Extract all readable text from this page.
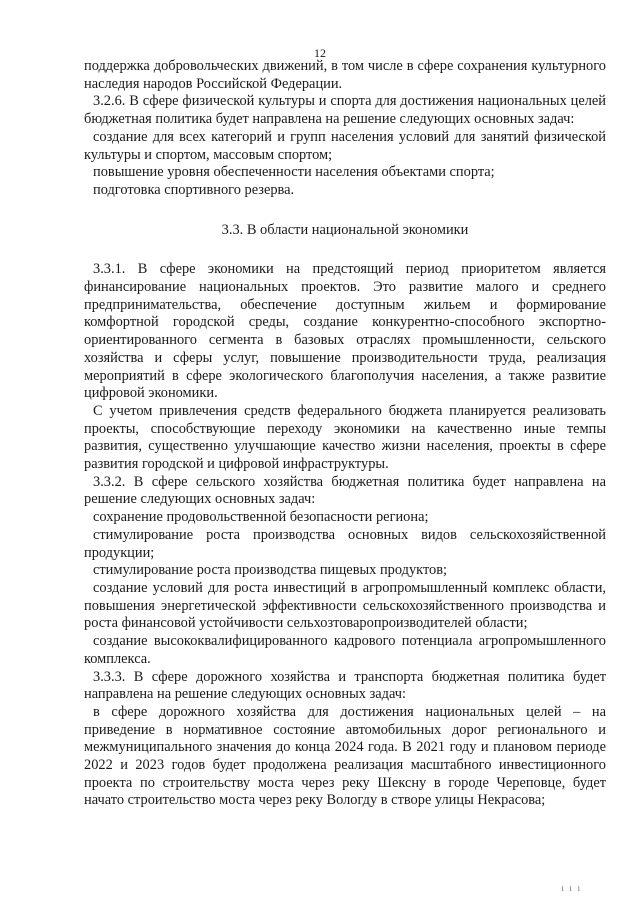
12

поддержка добровольческих движений, в том числе в сфере сохранения культурного наследия народов Российской Федерации.

3.2.6. В сфере физической культуры и спорта для достижения национальных целей бюджетная политика будет направлена на решение следующих основных задач:

создание для всех категорий и групп населения условий для занятий физической культуры и спортом, массовым спортом;

повышение уровня обеспеченности населения объектами спорта;

подготовка спортивного резерва.

3.3. В области национальной экономики

3.3.1. В сфере экономики на предстоящий период приоритетом является финансирование национальных проектов. Это развитие малого и среднего предпринимательства, обеспечение доступным жильем и формирование комфортной городской среды, создание конкурентно-способного экспортно-ориентированного сегмента в базовых отраслях промышленности, сельского хозяйства и сферы услуг, повышение производительности труда, реализация мероприятий в сфере экологического благополучия населения, а также развитие цифровой экономики.

С учетом привлечения средств федерального бюджета планируется реализовать проекты, способствующие переходу экономики на качественно иные темпы развития, существенно улучшающие качество жизни населения, проекты в сфере развития городской и цифровой инфраструктуры.

3.3.2. В сфере сельского хозяйства бюджетная политика будет направлена на решение следующих основных задач:

сохранение продовольственной безопасности региона;

стимулирование роста производства основных видов сельскохозяйственной продукции;

стимулирование роста производства пищевых продуктов;

создание условий для роста инвестиций в агропромышленный комплекс области, повышения энергетической эффективности сельскохозяйственного производства и роста финансовой устойчивости сельхозтоваропроизводителей области;

создание высококвалифицированного кадрового потенциала агропромышленного комплекса.

3.3.3. В сфере дорожного хозяйства и транспорта бюджетная политика будет направлена на решение следующих основных задач:

в сфере дорожного хозяйства для достижения национальных целей – на приведение в нормативное состояние автомобильных дорог регионального и межмуниципального значения до конца 2024 года. В 2021 году и плановом периоде 2022 и 2023 годов будет продолжена реализация масштабного инвестиционного проекта по строительству моста через реку Шексну в городе Череповце, будет начато строительство моста через реку Вологду в створе улицы Некрасова;

і і і
